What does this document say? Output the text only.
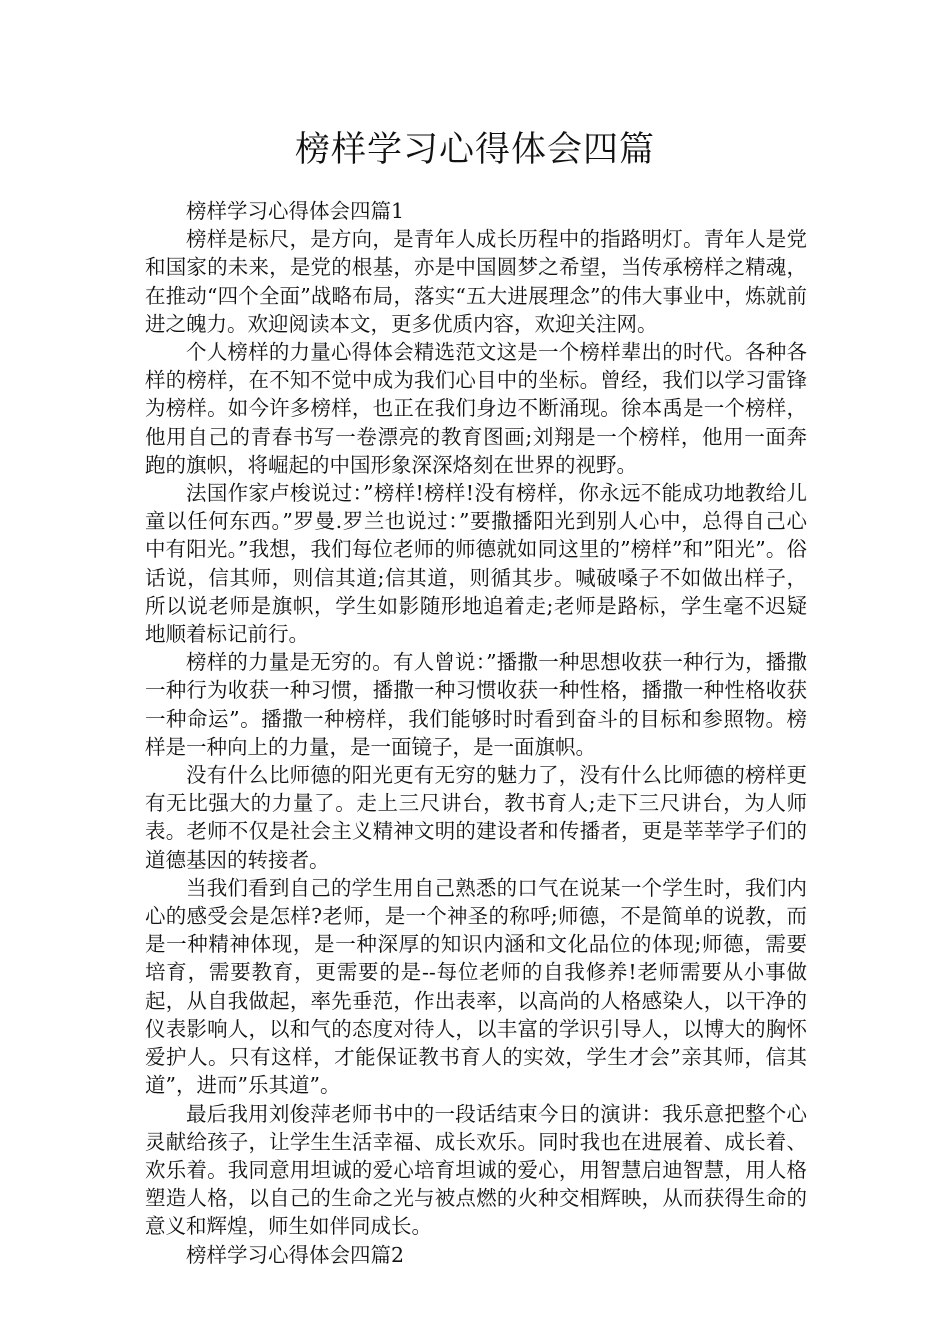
榜样学习心得体会四篇

榜样学习心得体会四篇1

榜样是标尺，是方向，是青年人成长历程中的指路明灯。青年人是党和国家的未来，是党的根基，亦是中国圆梦之希望，当传承榜样之精魂，在推动“四个全面”战略布局，落实“五大进展理念”的伟大事业中，炼就前进之魄力。欢迎阅读本文，更多优质内容，欢迎关注网。

个人榜样的力量心得体会精选范文这是一个榜样辈出的时代。各种各样的榜样，在不知不觉中成为我们心目中的坐标。曾经，我们以学习雷锋为榜样。如今许多榜样，也正在我们身边不断涌现。徐本禹是一个榜样，他用自己的青春书写一卷漂亮的教育图画;刘翔是一个榜样，他用一面奔跑的旗帜，将崛起的中国形象深深烙刻在世界的视野。

法国作家卢梭说过：”榜样!榜样!没有榜样，你永远不能成功地教给儿童以任何东西。”罗曼.罗兰也说过：”要撒播阳光到别人心中，总得自己心中有阳光。”我想，我们每位老师的师德就如同这里的”榜样”和”阳光”。俗话说，信其师，则信其道;信其道，则循其步。喊破嗓子不如做出样子，所以说老师是旗帜，学生如影随形地追着走;老师是路标，学生毫不迟疑地顺着标记前行。

榜样的力量是无穷的。有人曾说：”播撒一种思想收获一种行为，播撒一种行为收获一种习惯，播撒一种习惯收获一种性格，播撒一种性格收获一种命运”。播撒一种榜样，我们能够时时看到奋斗的目标和参照物。榜样是一种向上的力量，是一面镜子，是一面旗帜。

没有什么比师德的阳光更有无穷的魅力了，没有什么比师德的榜样更有无比强大的力量了。走上三尺讲台，教书育人;走下三尺讲台，为人师表。老师不仅是社会主义精神文明的建设者和传播者，更是莘莘学子们的道德基因的转接者。

当我们看到自己的学生用自己熟悉的口气在说某一个学生时，我们内心的感受会是怎样?老师，是一个神圣的称呼;师德，不是简单的说教，而是一种精神体现，是一种深厚的知识内涵和文化品位的体现;师德，需要培育，需要教育，更需要的是--每位老师的自我修养!老师需要从小事做起，从自我做起，率先垂范，作出表率，以高尚的人格感染人，以干净的仪表影响人，以和气的态度对待人，以丰富的学识引导人，以博大的胸怀爱护人。只有这样，才能保证教书育人的实效，学生才会”亲其师，信其道”，进而”乐其道”。

最后我用刘俊萍老师书中的一段话结束今日的演讲：我乐意把整个心灵献给孩子，让学生生活幸福、成长欢乐。同时我也在进展着、成长着、欢乐着。我同意用坦诚的爱心培育坦诚的爱心，用智慧启迪智慧，用人格塑造人格，以自己的生命之光与被点燃的火种交相辉映，从而获得生命的意义和辉煌，师生如伴同成长。

榜样学习心得体会四篇2
